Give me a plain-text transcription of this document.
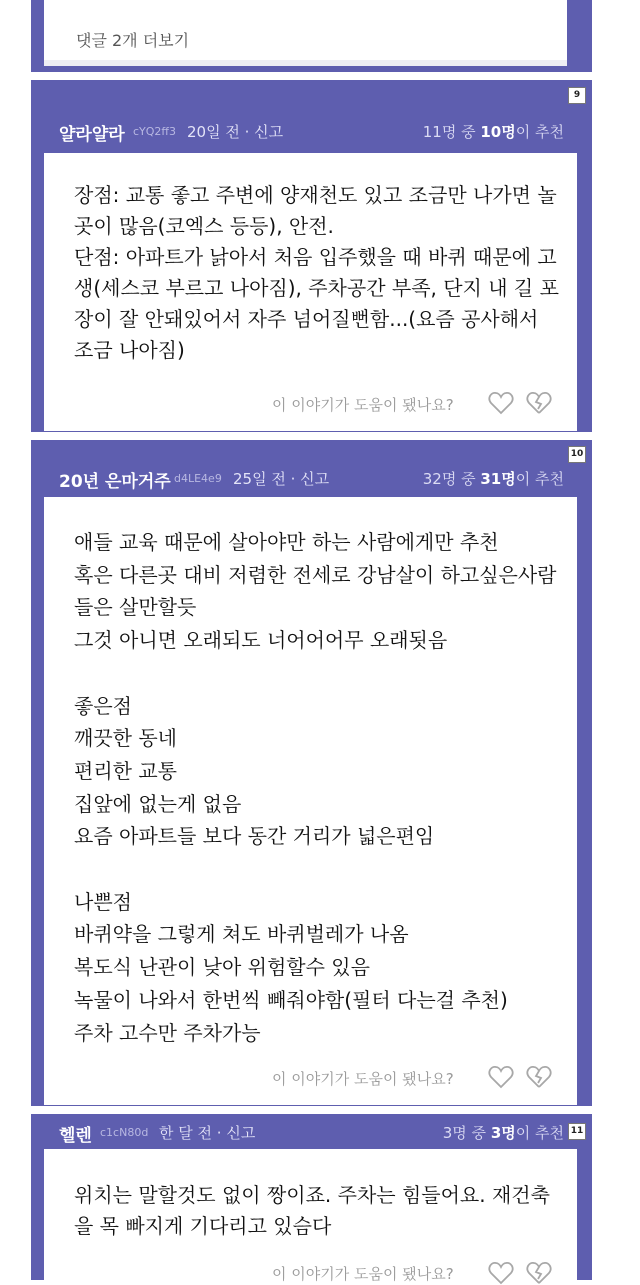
댓글 2개 더보기
9
얄라얄라 cYQ2ff3 20일 전 · 신고	11명 중 10명이 추천
장점: 교통 좋고 주변에 양재천도 있고 조금만 나가면 놀
곳이 많음(코엑스 등등), 안전.
단점: 아파트가 낡아서 처음 입주했을 때 바퀴 때문에 고
생(세스코 부르고 나아짐), 주차공간 부족, 단지 내 길 포
장이 잘 안돼있어서 자주 넘어질뻔함...(요즘 공사해서
조금 나아짐)
이 이야기가 도움이 됐나요?
10
20년 은마거주 d4LE4e9 25일 전 · 신고	32명 중 31명이 추천
애들 교육 때문에 살아야만 하는 사람에게만 추천
혹은 다른곳 대비 저렴한 전세로 강남살이 하고싶은사람
들은 살만할듯
그것 아니면 오래되도 너어어어무 오래됫음

좋은점
깨끗한 동네
편리한 교통
집앞에 없는게 없음
요즘 아파트들 보다 동간 거리가 넓은편임

나쁜점
바퀴약을 그렇게 쳐도 바퀴벌레가 나옴
복도식 난관이 낮아 위험할수 있음
녹물이 나와서 한번씩 빼줘야함(필터 다는걸 추천)
주차 고수만 주차가능
이 이야기가 도움이 됐나요?
11
헬렌 c1cN80d 한 달 전 · 신고	3명 중 3명이 추천
위치는 말할것도 없이 짱이죠. 주차는 힘들어요. 재건축
을 목 빠지게 기다리고 있슴다
이 이야기가 도움이 됐나요?
